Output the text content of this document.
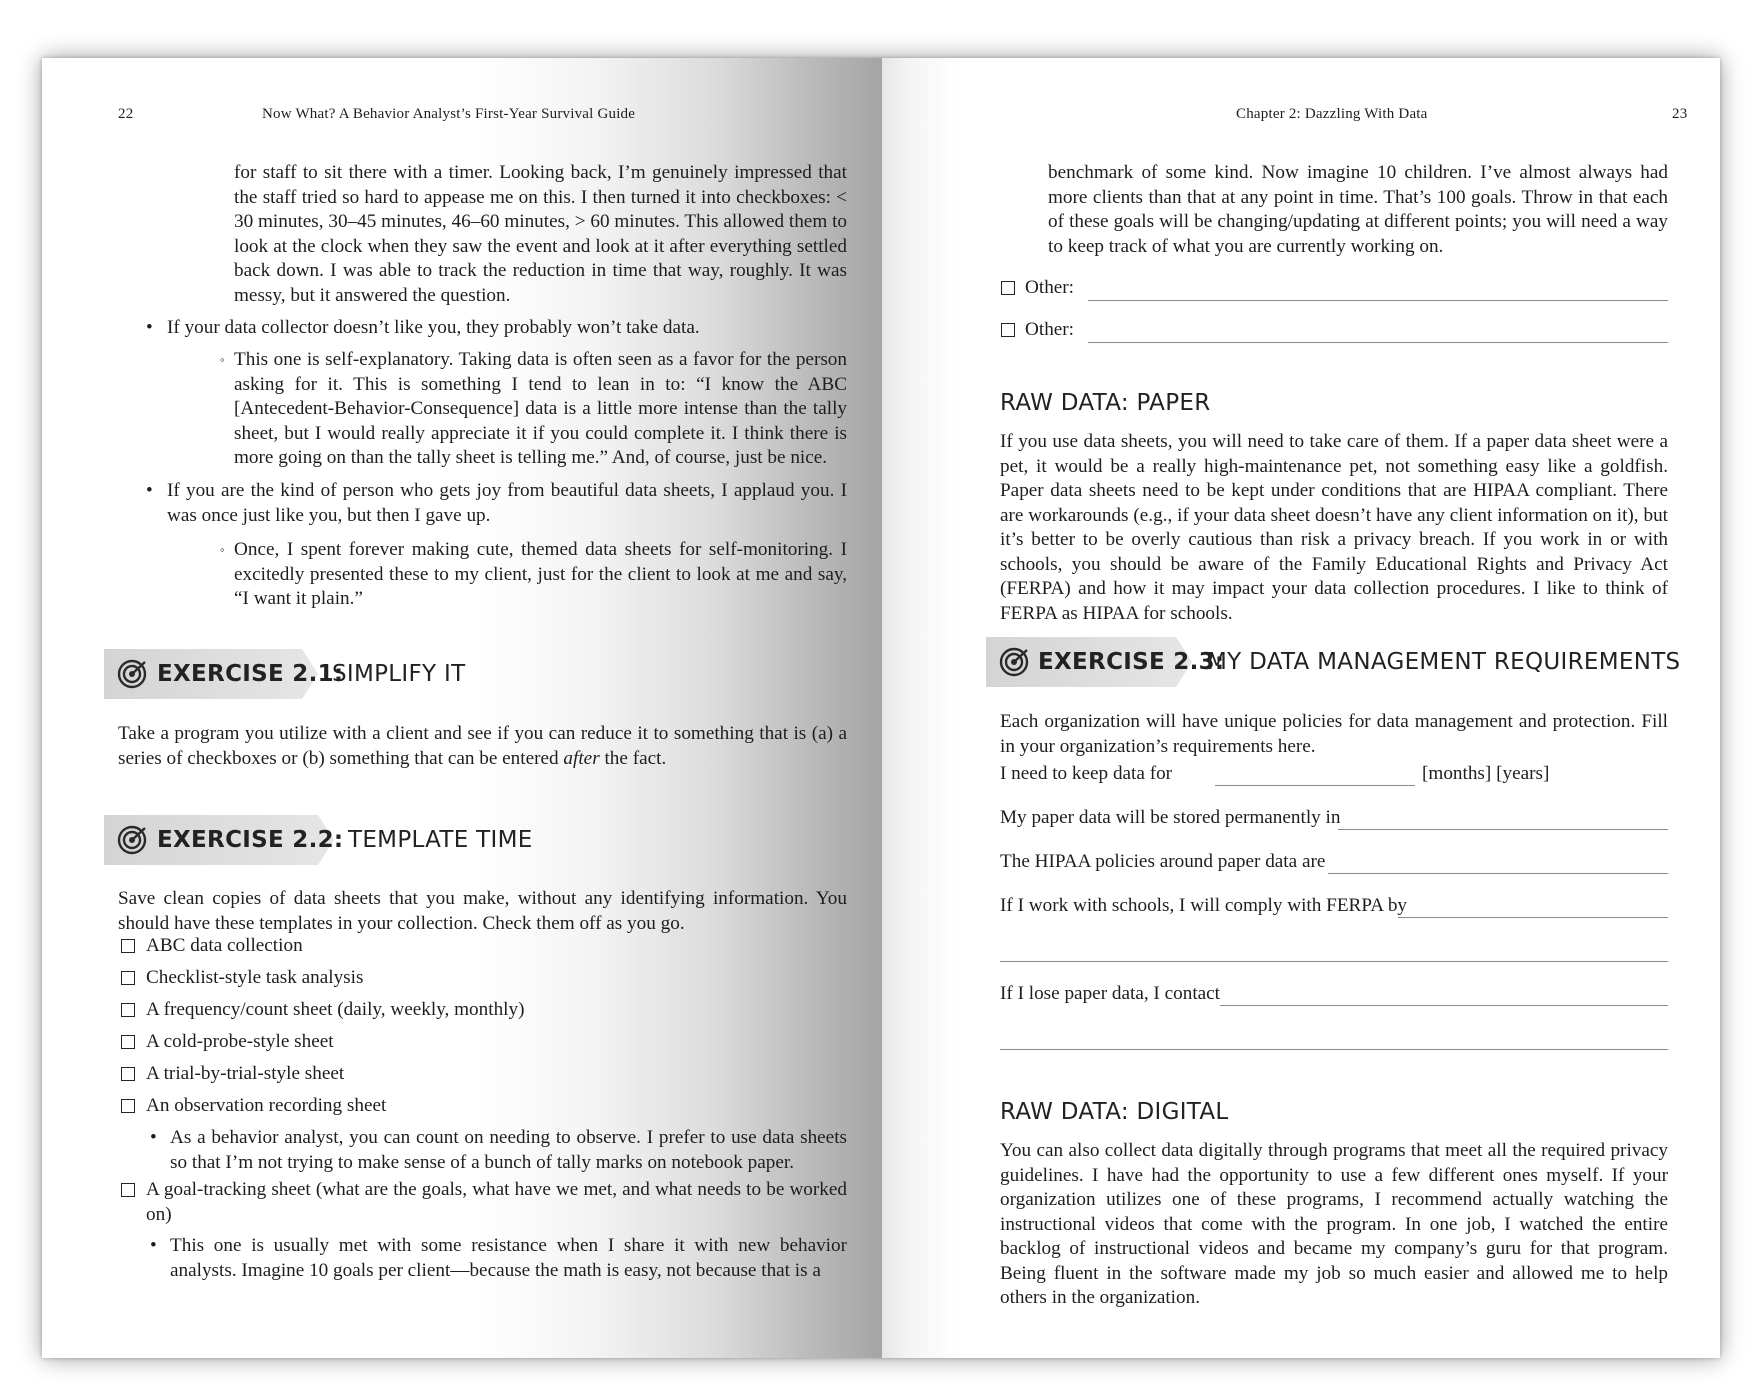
22	Now What? A Behavior Analyst’s First-Year Survival Guide

for staff to sit there with a timer. Looking back, I’m genuinely impressed that the staff tried so hard to appease me on this. I then turned it into checkboxes: < 30 minutes, 30–45 minutes, 46–60 minutes, > 60 minutes. This allowed them to look at the clock when they saw the event and look at it after everything settled back down. I was able to track the reduction in time that way, roughly. It was messy, but it answered the question.

• If your data collector doesn’t like you, they probably won’t take data.

◦ This one is self-explanatory. Taking data is often seen as a favor for the person asking for it. This is something I tend to lean in to: “I know the ABC [Antecedent-Behavior-Consequence] data is a little more intense than the tally sheet, but I would really appreciate it if you could complete it. I think there is more going on than the tally sheet is telling me.” And, of course, just be nice.

• If you are the kind of person who gets joy from beautiful data sheets, I applaud you. I was once just like you, but then I gave up.

◦ Once, I spent forever making cute, themed data sheets for self-monitoring. I excitedly presented these to my client, just for the client to look at me and say, “I want it plain.”

EXERCISE 2.1:
SIMPLIFY IT

Take a program you utilize with a client and see if you can reduce it to something that is (a) a series of checkboxes or (b) something that can be entered after the fact.

EXERCISE 2.2: TEMPLATE TIME

Save clean copies of data sheets that you make, without any identifying information. You should have these templates in your collection. Check them off as you go.

ABC data collection
Checklist-style task analysis
A frequency/count sheet (daily, weekly, monthly)
A cold-probe-style sheet
A trial-by-trial-style sheet
An observation recording sheet
• As a behavior analyst, you can count on needing to observe. I prefer to use data sheets so that I’m not trying to make sense of a bunch of tally marks on notebook paper.

A goal-tracking sheet (what are the goals, what have we met, and what needs to be worked on)

• This one is usually met with some resistance when I share it with new behavior analysts. Imagine 10 goals per client—because the math is easy, not because that is a

Chapter 2: Dazzling With Data	23

benchmark of some kind. Now imagine 10 children. I’ve almost always had more clients than that at any point in time. That’s 100 goals. Throw in that each of these goals will be changing/updating at different points; you will need a way to keep track of what you are currently working on.

Other:
Other:
RAW DATA: PAPER

If you use data sheets, you will need to take care of them. If a paper data sheet were a pet, it would be a really high-maintenance pet, not something easy like a goldfish. Paper data sheets need to be kept under conditions that are HIPAA compliant. There are workarounds (e.g., if your data sheet doesn’t have any client information on it), but it’s better to be overly cautious than risk a privacy breach. If you work in or with schools, you should be aware of the Family Educational Rights and Privacy Act (FERPA) and how it may impact your data collection procedures. I like to think of FERPA as HIPAA for schools.

EXERCISE 2.3:
MY DATA MANAGEMENT REQUIREMENTS

Each organization will have unique policies for data management and protection. Fill in your organization’s requirements here.

I need to keep data for	[months] [years]
My paper data will be stored permanently in
The HIPAA policies around paper data are
If I work with schools, I will comply with FERPA by
If I lose paper data, I contact
RAW DATA: DIGITAL

You can also collect data digitally through programs that meet all the required privacy guidelines. I have had the opportunity to use a few different ones myself. If your organization utilizes one of these programs, I recommend actually watching the instructional videos that come with the program. In one job, I watched the entire backlog of instructional videos and became my company’s guru for that program. Being fluent in the software made my job so much easier and allowed me to help others in the organization.
